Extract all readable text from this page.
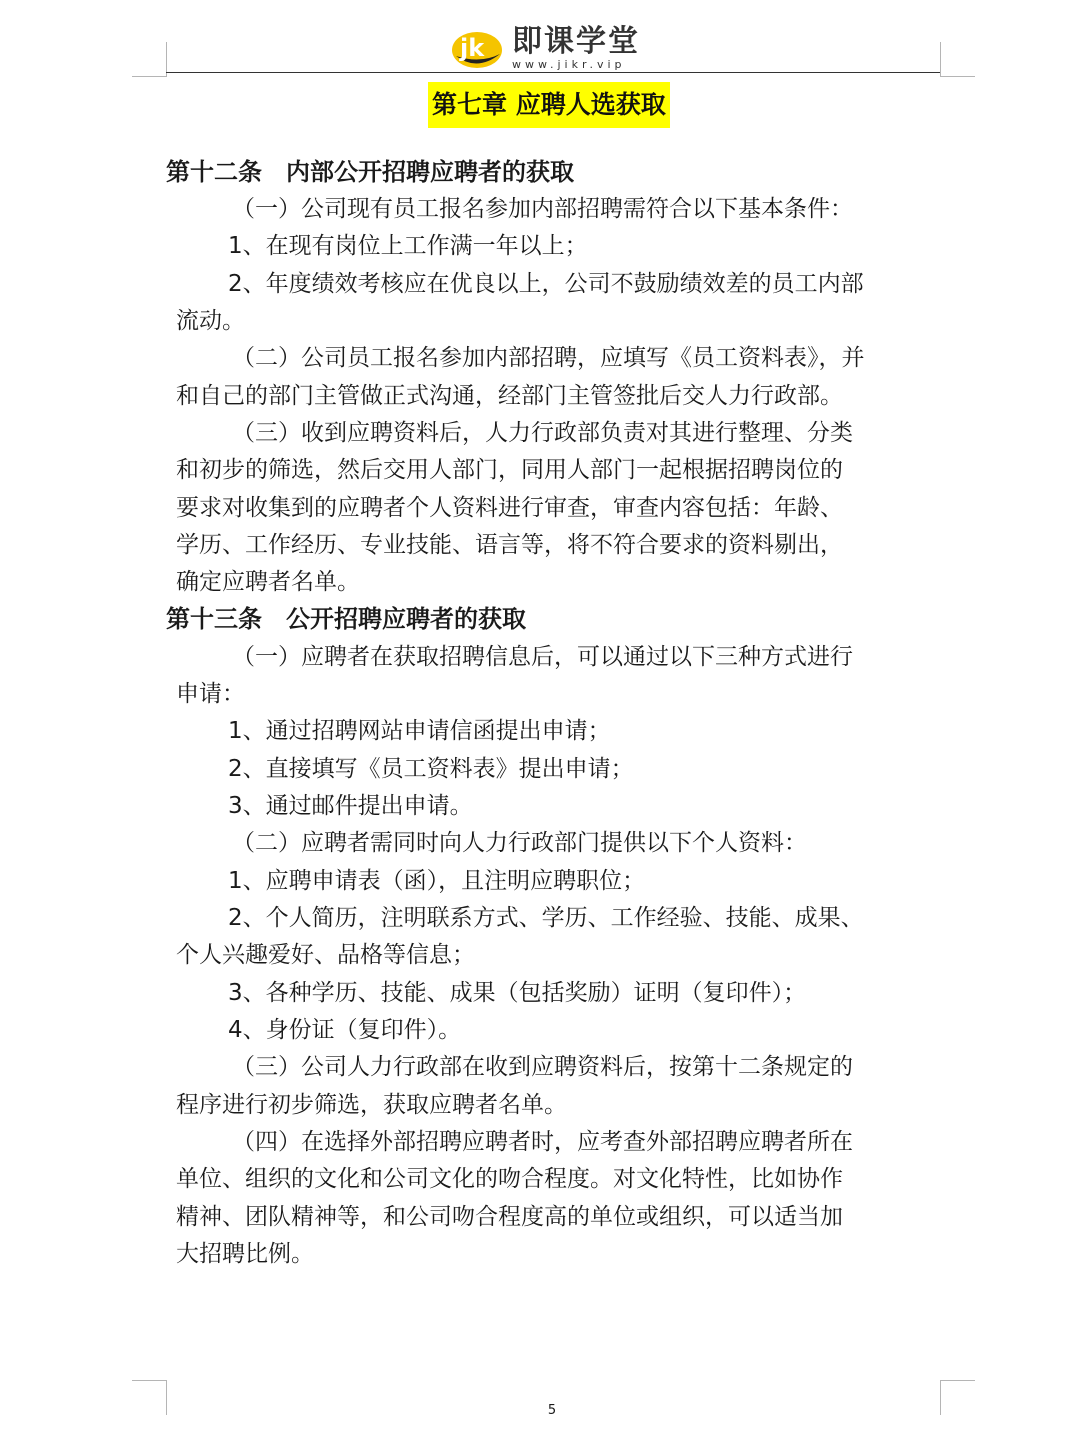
jk 即课学堂
www.jikr.vip
第七章 应聘人选获取
第十二条　内部公开招聘应聘者的获取
（一）公司现有员工报名参加内部招聘需符合以下基本条件：
1、在现有岗位上工作满一年以上；
2、年度绩效考核应在优良以上，公司不鼓励绩效差的员工内部
流动。
（二）公司员工报名参加内部招聘，应填写《员工资料表》，并
和自己的部门主管做正式沟通，经部门主管签批后交人力行政部。
（三）收到应聘资料后，人力行政部负责对其进行整理、分类
和初步的筛选，然后交用人部门，同用人部门一起根据招聘岗位的
要求对收集到的应聘者个人资料进行审查，审查内容包括：年龄、
学历、工作经历、专业技能、语言等，将不符合要求的资料剔出，
确定应聘者名单。
第十三条　公开招聘应聘者的获取
（一）应聘者在获取招聘信息后，可以通过以下三种方式进行
申请：
1、通过招聘网站申请信函提出申请；
2、直接填写《员工资料表》提出申请；
3、通过邮件提出申请。
（二）应聘者需同时向人力行政部门提供以下个人资料：
1、应聘申请表（函），且注明应聘职位；
2、个人简历，注明联系方式、学历、工作经验、技能、成果、
个人兴趣爱好、品格等信息；
3、各种学历、技能、成果（包括奖励）证明（复印件）；
4、身份证（复印件）。
（三）公司人力行政部在收到应聘资料后，按第十二条规定的
程序进行初步筛选，获取应聘者名单。
（四）在选择外部招聘应聘者时，应考查外部招聘应聘者所在
单位、组织的文化和公司文化的吻合程度。对文化特性，比如协作
精神、团队精神等，和公司吻合程度高的单位或组织，可以适当加
大招聘比例。
5
